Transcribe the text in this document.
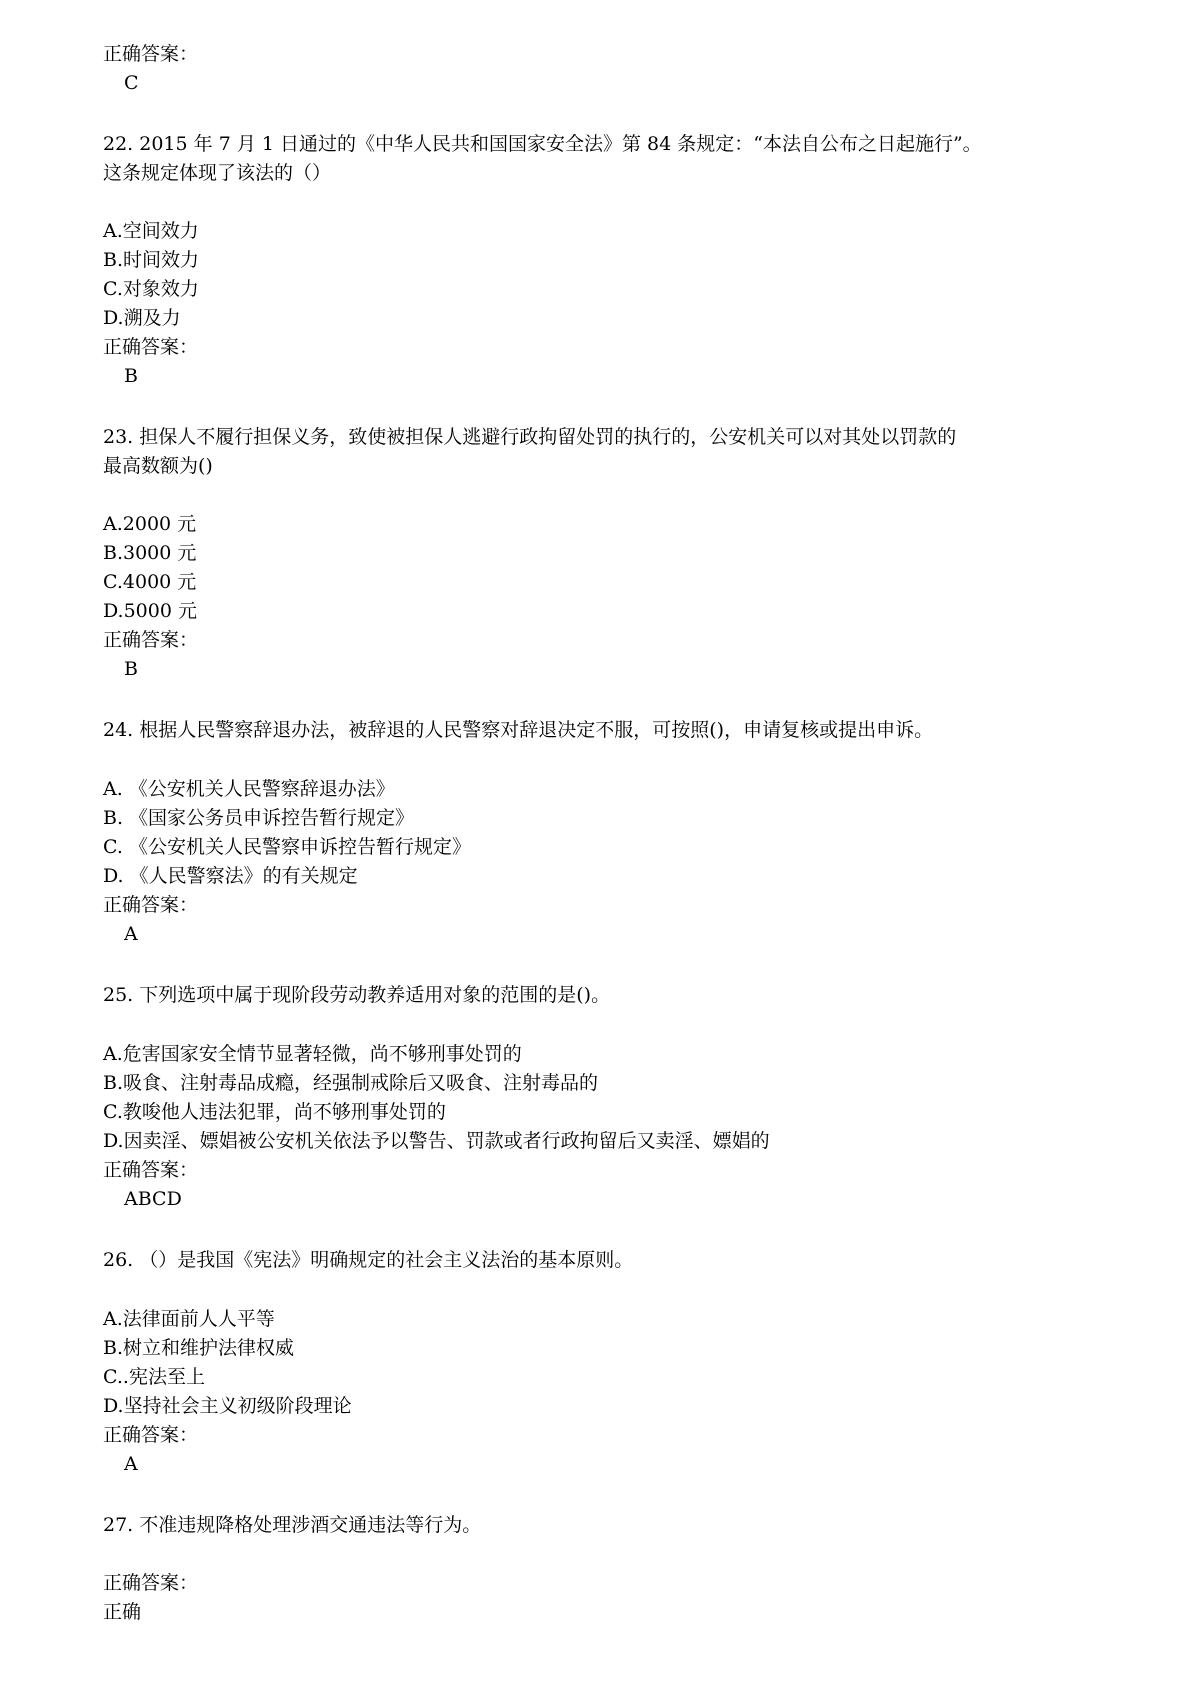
正确答案：
C
22. 2015 年 7 月 1 日通过的《中华人民共和国国家安全法》第 84 条规定：“本法自公布之日起施行”。
这条规定体现了该法的（）
A.空间效力
B.时间效力
C.对象效力
D.溯及力
正确答案：
B
23. 担保人不履行担保义务，致使被担保人逃避行政拘留处罚的执行的，公安机关可以对其处以罚款的
最高数额为()
A.2000 元
B.3000 元
C.4000 元
D.5000 元
正确答案：
B
24. 根据人民警察辞退办法，被辞退的人民警察对辞退决定不服，可按照()，申请复核或提出申诉。
A. 《公安机关人民警察辞退办法》
B. 《国家公务员申诉控告暂行规定》
C. 《公安机关人民警察申诉控告暂行规定》
D. 《人民警察法》的有关规定
正确答案：
A
25. 下列选项中属于现阶段劳动教养适用对象的范围的是()。
A.危害国家安全情节显著轻微，尚不够刑事处罚的
B.吸食、注射毒品成瘾，经强制戒除后又吸食、注射毒品的
C.教唆他人违法犯罪，尚不够刑事处罚的
D.因卖淫、嫖娼被公安机关依法予以警告、罚款或者行政拘留后又卖淫、嫖娼的
正确答案：
ABCD
26. （）是我国《宪法》明确规定的社会主义法治的基本原则。
A.法律面前人人平等
B.树立和维护法律权威
C..宪法至上
D.坚持社会主义初级阶段理论
正确答案：
A
27. 不准违规降格处理涉酒交通违法等行为。
正确答案：
正确
